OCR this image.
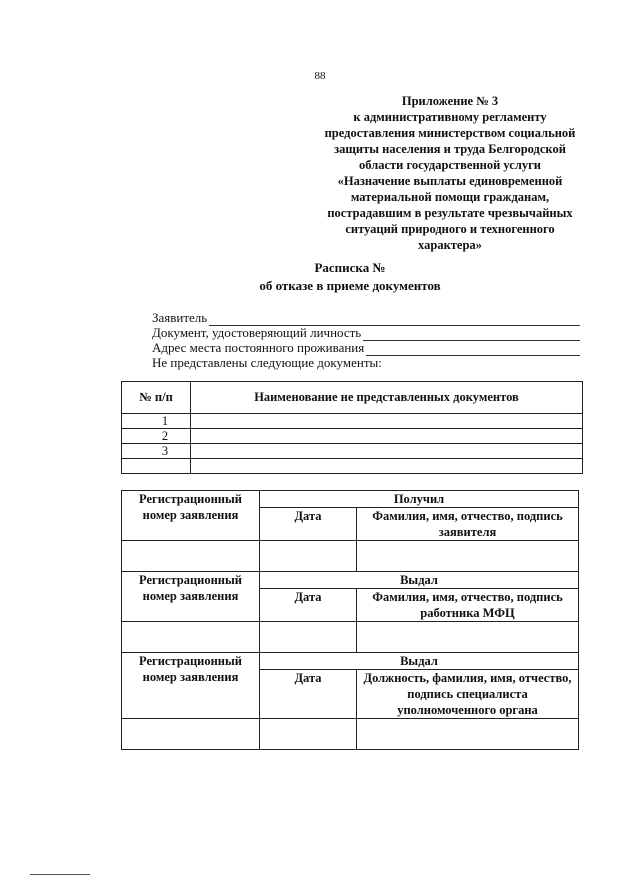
88
Приложение № 3
к административному регламенту
предоставления министерством социальной
защиты населения и труда Белгородской
области государственной услуги
«Назначение выплаты единовременной
материальной помощи гражданам,
пострадавшим в результате чрезвычайных
ситуаций природного и техногенного
характера»
Расписка №
об отказе в приеме документов
Заявитель
Документ, удостоверяющий личность
Адрес места постоянного проживания
Не представлены следующие документы:
№ п/п	Наименование не представленных документов
1	
2	
3	

Регистрационный номер заявления	Получил	
	Дата	Фамилия, имя, отчество, подпись заявителя

Регистрационный номер заявления	Выдал	
	Дата	Фамилия, имя, отчество, подпись работника МФЦ

Регистрационный номер заявления	Выдал	
	Дата	Должность, фамилия, имя, отчество, подпись специалиста уполномоченного органа
